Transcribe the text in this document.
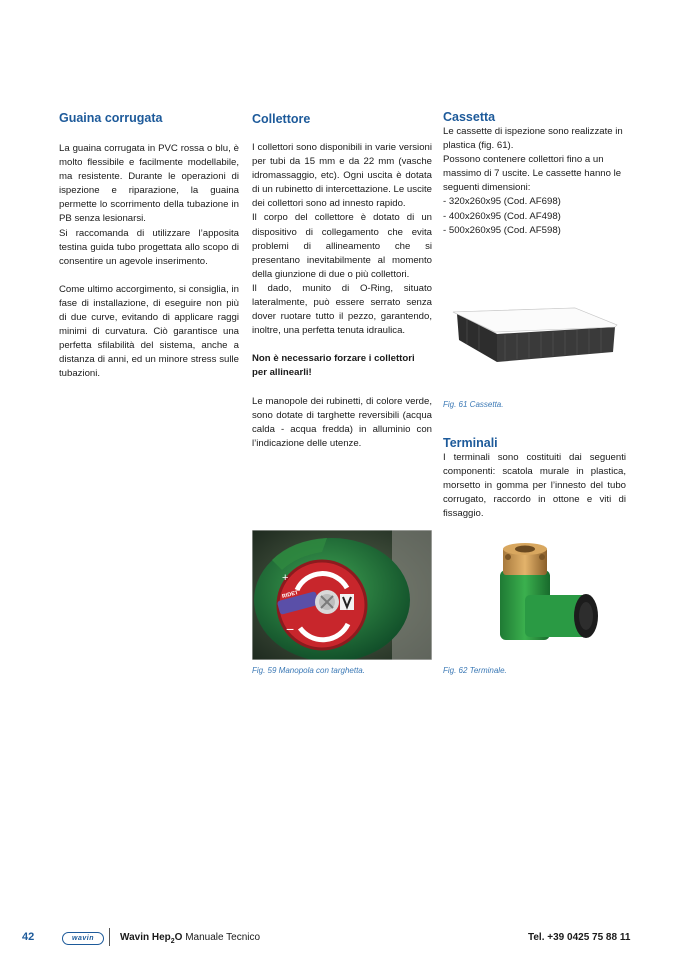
Guaina corrugata

La guaina corrugata in PVC rossa o blu, è molto flessibile e facilmente modellabile, ma resistente. Durante le operazioni di ispezione e riparazione, la guaina permette lo scorrimento della tubazione in PB senza lesionarsi.

Si raccomanda di utilizzare l’apposita testina guida tubo progettata allo scopo di consentire un agevole inserimento.

Come ultimo accorgimento, si consiglia, in fase di installazione, di eseguire non più di due curve, evitando di applicare raggi minimi di curvatura. Ciò garantisce una perfetta sfilabilità del sistema, anche a distanza di anni, ed un minore stress sulle tubazioni.

Collettore

I collettori sono disponibili in varie versioni per tubi da 15 mm e da 22 mm (vasche idromassaggio, etc). Ogni uscita è dotata di un rubinetto di intercettazione. Le uscite dei collettori sono ad innesto rapido.

Il corpo del collettore è dotato di un dispositivo di collegamento che evita problemi di allineamento che si presentano inevitabilmente al momento della giunzione di due o più collettori.

Il dado, munito di O-Ring, situato lateralmente, può essere serrato senza dover ruotare tutto il pezzo, garantendo, inoltre, una perfetta tenuta idraulica.

Non è necessario forzare i collettori per allinearli!

Le manopole dei rubinetti, di colore verde, sono dotate di targhette reversibili (acqua calda - acqua fredda) in alluminio con l’indicazione delle utenze.

+
−
RIDET
Fig. 59 Manopola con targhetta.
Cassetta

Le cassette di ispezione sono realizzate in plastica (fig. 61).

Possono contenere collettori fino a un massimo di 7 uscite. Le cassette hanno le seguenti dimensioni:

- 320x260x95 (Cod. AF698)

- 400x260x95 (Cod. AF498)

- 500x260x95 (Cod. AF598)

Fig. 61 Cassetta.
Terminali

I terminali sono costituiti dai seguenti componenti: scatola murale in plastica, morsetto in gomma per l’innesto del tubo corrugato, raccordo in ottone e viti di fissaggio.

Fig. 62 Terminale.
42	wavin	Wavin Hep$_2$O Manuale Tecnico	Tel. +39 0425 75 88 11
